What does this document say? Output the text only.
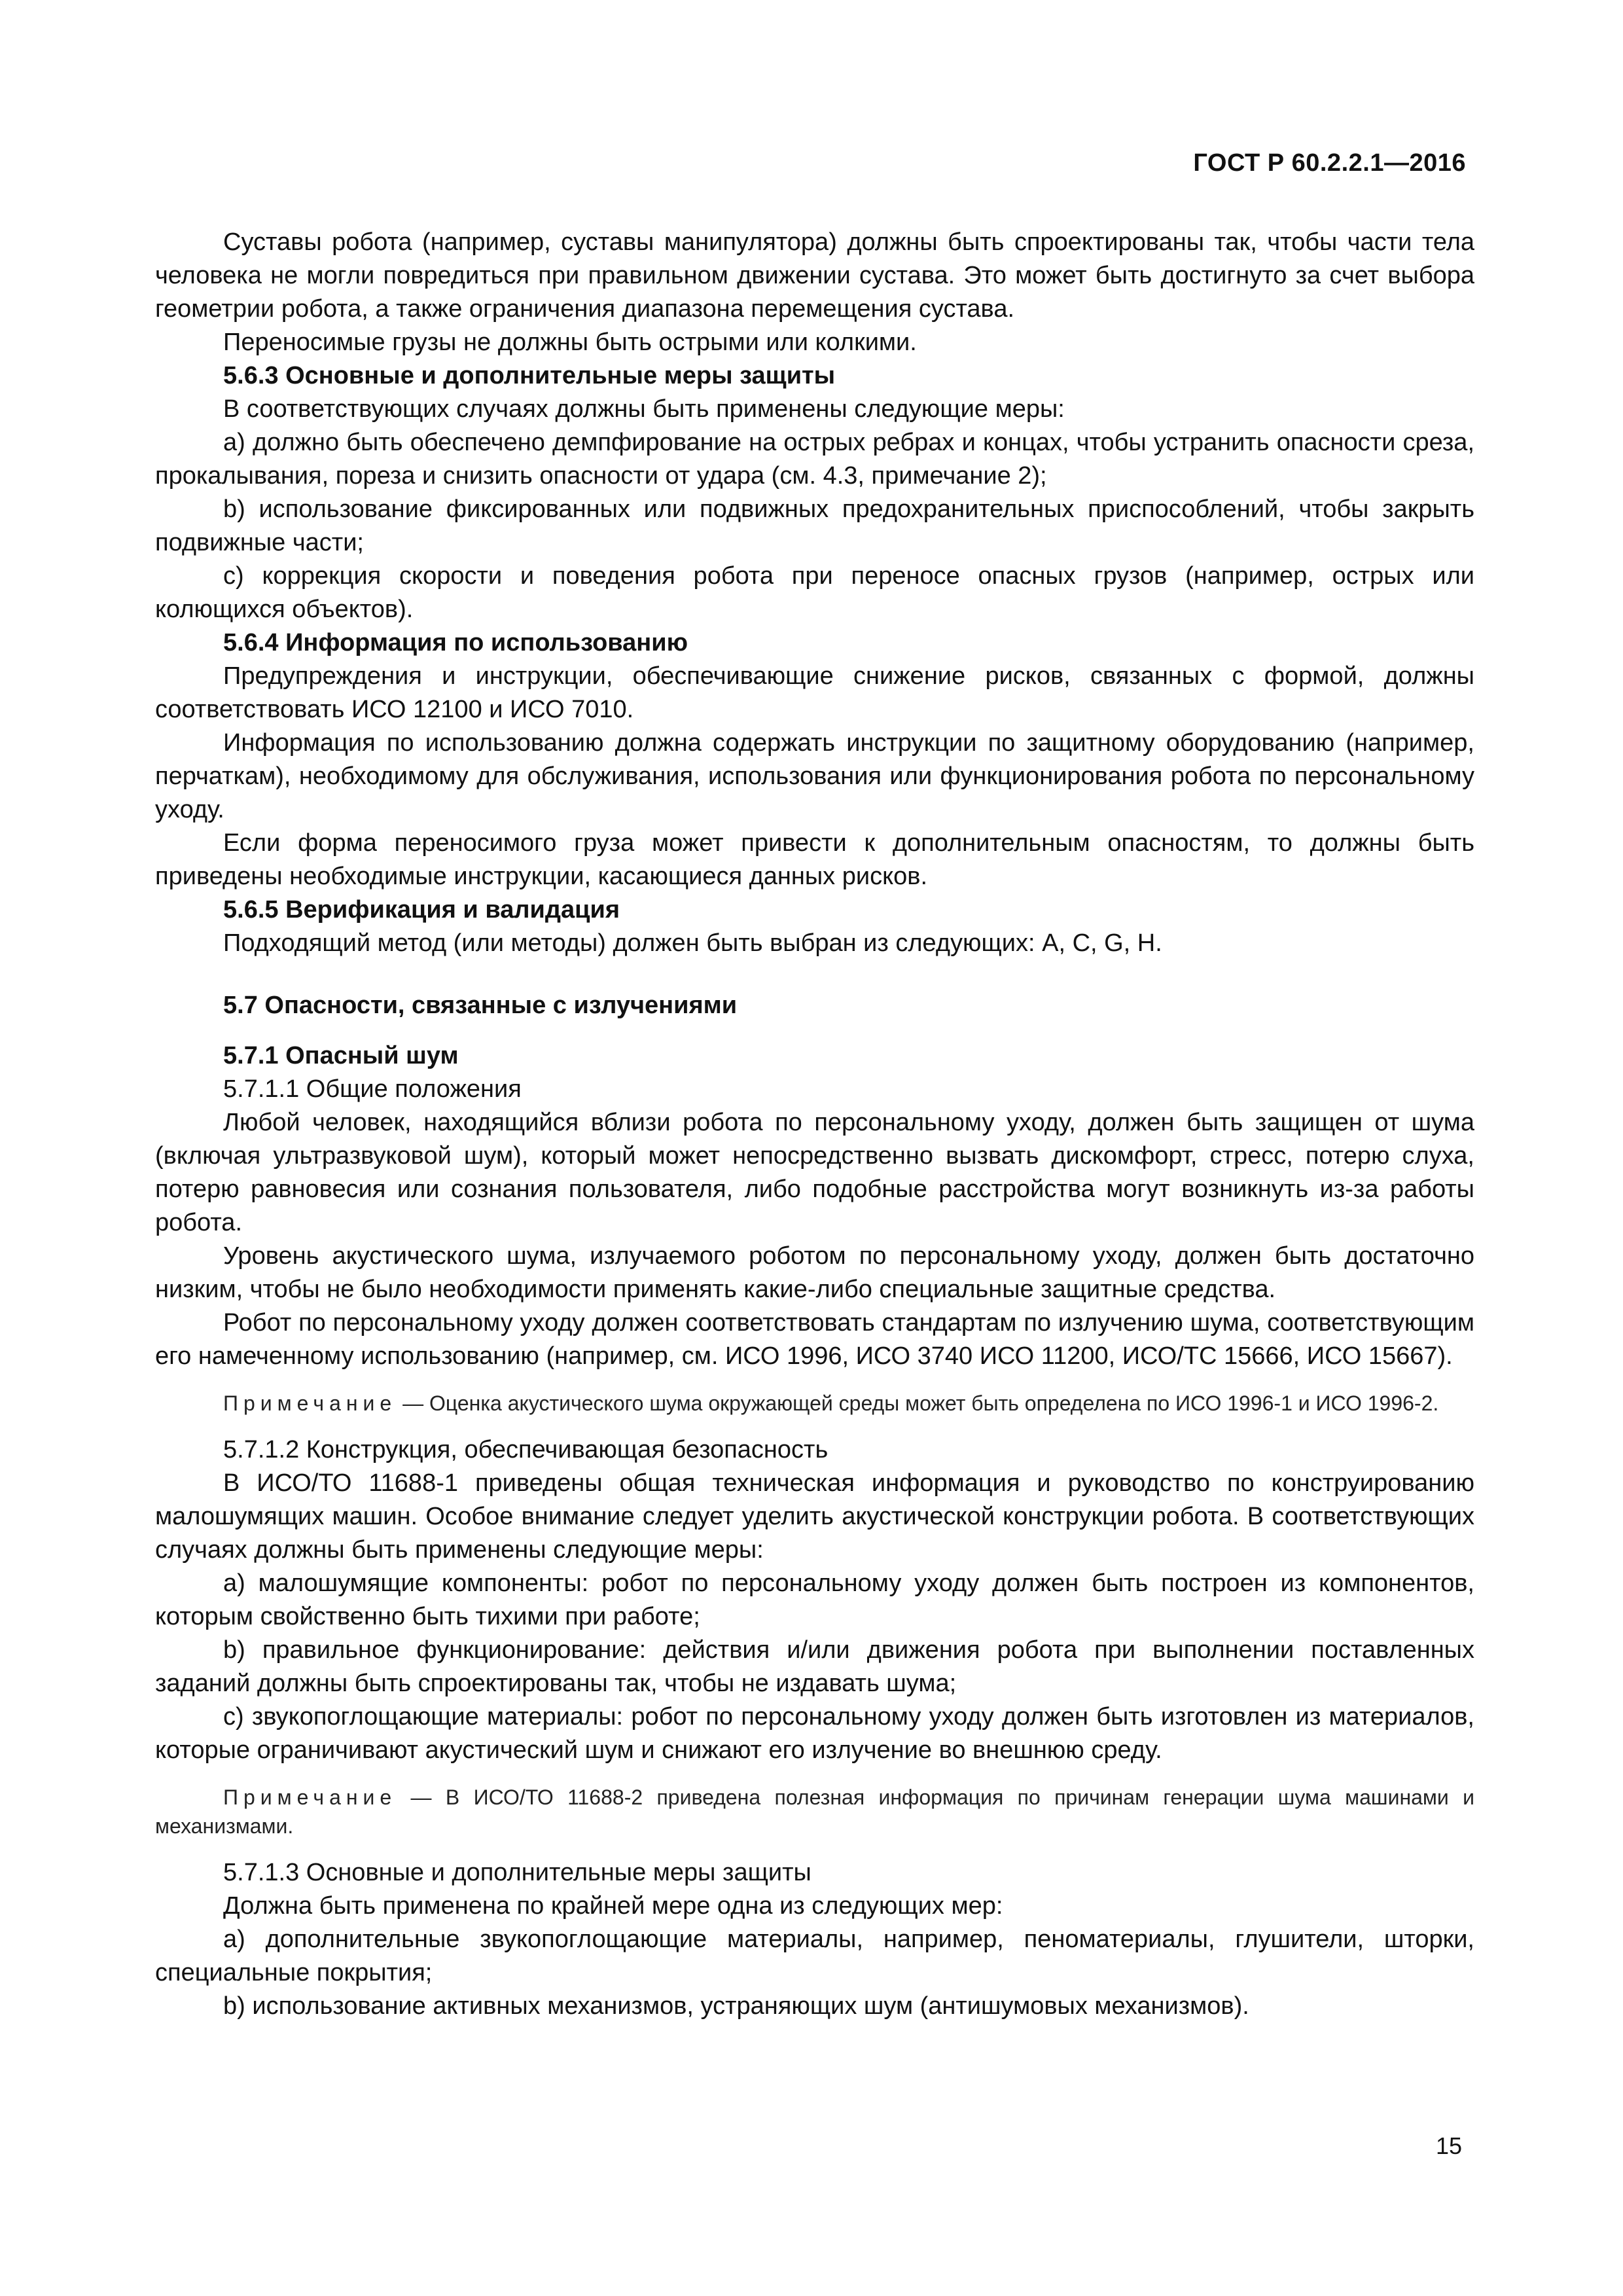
ГОСТ Р 60.2.2.1—2016

Суставы робота (например, суставы манипулятора) должны быть спроектированы так, чтобы части тела человека не могли повредиться при правильном движении сустава. Это может быть достигнуто за счет выбора геометрии робота, а также ограничения диапазона перемещения сустава.

Переносимые грузы не должны быть острыми или колкими.

5.6.3 Основные и дополнительные меры защиты

В соответствующих случаях должны быть применены следующие меры:

а) должно быть обеспечено демпфирование на острых ребрах и концах, чтобы устранить опасности среза, прокалывания, пореза и снизить опасности от удара (см. 4.3, примечание 2);

b) использование фиксированных или подвижных предохранительных приспособлений, чтобы закрыть подвижные части;

c) коррекция скорости и поведения робота при переносе опасных грузов (например, острых или колющихся объектов).

5.6.4 Информация по использованию

Предупреждения и инструкции, обеспечивающие снижение рисков, связанных с формой, должны соответствовать ИСО 12100 и ИСО 7010.

Информация по использованию должна содержать инструкции по защитному оборудованию (например, перчаткам), необходимому для обслуживания, использования или функционирования робота по персональному уходу.

Если форма переносимого груза может привести к дополнительным опасностям, то должны быть приведены необходимые инструкции, касающиеся данных рисков.

5.6.5 Верификация и валидация

Подходящий метод (или методы) должен быть выбран из следующих: А, С, G, Н.

5.7 Опасности, связанные с излучениями

5.7.1 Опасный шум

5.7.1.1 Общие положения

Любой человек, находящийся вблизи робота по персональному уходу, должен быть защищен от шума (включая ультразвуковой шум), который может непосредственно вызвать дискомфорт, стресс, потерю слуха, потерю равновесия или сознания пользователя, либо подобные расстройства могут возникнуть из-за работы робота.

Уровень акустического шума, излучаемого роботом по персональному уходу, должен быть достаточно низким, чтобы не было необходимости применять какие-либо специальные защитные средства.

Робот по персональному уходу должен соответствовать стандартам по излучению шума, соответствующим его намеченному использованию (например, см. ИСО 1996, ИСО 3740 ИСО 11200, ИСО/ТС 15666, ИСО 15667).

Примечание — Оценка акустического шума окружающей среды может быть определена по ИСО 1996-1 и ИСО 1996-2.

5.7.1.2 Конструкция, обеспечивающая безопасность

В ИСО/ТО 11688-1 приведены общая техническая информация и руководство по конструированию малошумящих машин. Особое внимание следует уделить акустической конструкции робота. В соответствующих случаях должны быть применены следующие меры:

а) малошумящие компоненты: робот по персональному уходу должен быть построен из компонентов, которым свойственно быть тихими при работе;

b) правильное функционирование: действия и/или движения робота при выполнении поставленных заданий должны быть спроектированы так, чтобы не издавать шума;

c) звукопоглощающие материалы: робот по персональному уходу должен быть изготовлен из материалов, которые ограничивают акустический шум и снижают его излучение во внешнюю среду.

Примечание — В ИСО/ТО 11688-2 приведена полезная информация по причинам генерации шума машинами и механизмами.

5.7.1.3 Основные и дополнительные меры защиты

Должна быть применена по крайней мере одна из следующих мер:

а) дополнительные звукопоглощающие материалы, например, пеноматериалы, глушители, шторки, специальные покрытия;

b) использование активных механизмов, устраняющих шум (антишумовых механизмов).

15
